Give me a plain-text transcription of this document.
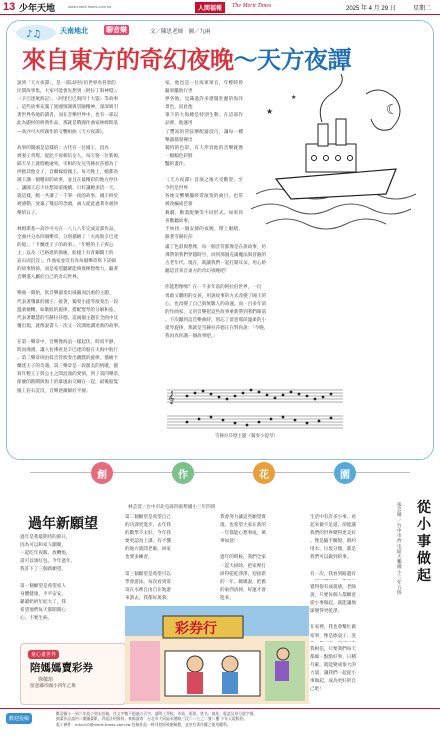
13 少年天地	www.merit-times.com.tw	人間福報	The Merit Times	2025 年 4 月 29 日	星期二
♪♫	天南地北	聊音樂	文／陳思老師　圖／九兩
來自東方的奇幻夜晚～天方夜譚
說到「天方夜譚」，是一部以阿拉伯世界為背景的
民間故事集，大家可能會先想到〈阿拉丁與神燈〉、
〈辛巴達航海記〉、〈阿里巴巴與四十大盜〉等故事
，這些故事充滿了異國情調與冒險精神，深深吸引
著世界各地的讀者。而在音樂世界中，也有一部以
此為題材的經典作品，那就是俄國作曲家林姆斯基
—高沙可夫所創作的交響組曲《天方夜譚》。

故事的開頭是這樣的：古代有一位國王，因為
被妻子背叛，從此不再相信女人，每天娶一位新娘，
隔天早上就將她處死。宰相的女兒雪赫拉莎德為了
拯救其他女子，自願嫁給國王。每天晚上，她都為
國王講一個精彩的故事，並且在最精彩的地方停住
，讓國王忍不住想知道後續，只好讓她多活一天。
就這樣，她一共講了一千零一夜的故事，國王終於
被感動，放棄了殘忍的念頭，兩人從此過著幸福快
樂的日子。

林姆斯基—高沙可夫在一八八八年完成這部作品，
全曲共分為四個樂章，分別描繪了「大海與辛巴達
的船」、「卡蘭達王子的故事」、「年輕的王子與公
主」以及「巴格達的節慶，船撞上有青銅騎士的
岩石而沉沒」。作曲家並沒有為每個樂章寫下詳細
的故事情節，而是希望聽眾能夠發揮想像力，隨著
音樂進入屬於自己的奇幻世界。

樂曲一開始，低音樂器奏出威嚴而沉重的主題，
代表著殘暴的國王；接著，獨奏小提琴演奏出一段
溫柔婉轉、如歌般的旋律，搭配豎琴的分解和弦，
代表著聰慧的雪赫拉莎德。這兩個主題在全曲中反
覆出現，就像說書人一次又一次開始講述新的故事。

在第一樂章中，音樂像海浪一樣起伏，時而平靜，
時而洶湧，讓人彷彿看見辛巴達的船在大海中航行
。第二樂章則由低音管吹奏出幽默的旋律，描繪卡
蘭達王子的奇遇。第三樂章是一段甜美的情歌，描
寫年輕王子與公主之間浪漫的愛情。到了第四樂章，
節慶的熱鬧與海上的暴風雨交織在一起，最後船隻
撞上岩石沉沒，音樂逐漸歸於平靜。
家，他也是一位海軍軍官，年輕時曾隨軍艦航行世
界各地，見識過許多遼闊壯麗的海洋景色，因此他
筆下的大海總是特別生動。在這部作品裡，他運用
了豐富的管弦樂配器技巧，讓每一種樂器都發揮出
獨特的色彩，有人形容他的音樂就像一幅幅色彩鮮
豔的畫作。

《天方夜譚》首演之後大受歡迎，至今仍是世界
各地交響樂團經常演奏的曲目，也常被改編成芭蕾
舞劇、動畫配樂等不同形式。如果你喜歡聽故事，
不妨找一個安靜的夜晚，閉上眼睛，跟著雪赫拉莎

滿了色彩與想像，每一個音符都像是在說故事，彷
彿帶領我們穿越時空，回到那個充滿魔法與冒險的
古老年代。現在，就讓我們一起打開耳朵，用心聆
聽這首來自東方的奇幻夜晚吧！

你能想像嗎？在一千多年前的阿拉伯世界，一位
勇敢又聰明的女孩，用說故事的方式改變了國王的
心，也改變了自己與無數人的命運。而一百多年前
的作曲家，又用音樂把這些故事重新帶到我們眼前
。下次聽到這首樂曲時，別忘了留意那段溫柔的小
提琴旋律，那就是雪赫拉莎德正在對你說：「今晚，
我再為你講一個故事吧。」
☾
★
★
𝄞
雪赫拉莎德主題（獨奏小提琴）
創	作	花	園
過年新願望
林芸萱／台中市北屯區四張犁國小三年四班
過年是我最期待的節日，
因為可以和家人團聚，
一起吃年夜飯、放鞭炮，
還可以領紅包。今年過年，
我許下了三個新願望。

第一個願望是希望家人
身體健康，平平安安。
爺爺奶奶年紀大了，我
希望他們每天都開開心
心，不要生病。
第二個願望是希望自己
的功課更進步。去年我
的數學不太好，今年我
要更認真上課，有不懂
的地方就問老師，回家
也要多練習。

第三個願望是希望可以
學會游泳。每次看到哥
哥在水裡自由自在地游
來游去，我都好羨慕。
我會努力讓這些願望實
現，也希望大家在新的
一年都能心想事成，萬
事如意！

過年的時候，我們全家
一起大掃除，把家裡打
掃得乾乾淨淨，迎接新
的一年。媽媽說，把舊
的東西清掉，好運才會
進來。
童心畫世界
陪媽媽賣彩券
徐敬瑄
留意縣市國小四年乙班
彩券行
從小事做起
張芸晴／台中市西屯區大鵬國小三年五班
生活中有許多小事，看
起來微不足道，卻能讓
我們的世界變得更美好
。像是隨手關燈、節約
用水、垃圾分類，都是
我們可以做到的事。

有一次，我看到路邊有
覺得很有成就感。老師
說，只要每個人都願意
從小事做起，就能讓地
球變得更乾淨。

在家裡，我也會幫忙做
家事，像是擦桌子、洗
我相信，只要我們每天
都做一點點好事，日積
月累，就能變成很大的
力量。讓我們一起從小
事做起，成為更好的自
己吧！
歡迎投稿
歡迎國小一到六年級小朋友投稿，作文字數不超過五百字，請附上學校、年級、班級、姓名、地址、電話及身分證字號。
繪畫作品請用八開圖畫紙，背面註明資料。來稿請寄：台北市大同區承德路三段二八七之二號八樓 少年天地版收。
電子郵件：mhm10@merit-times.com.tw 投稿作品一經刊登即致贈稿費，並享有著作權之使用權利。
